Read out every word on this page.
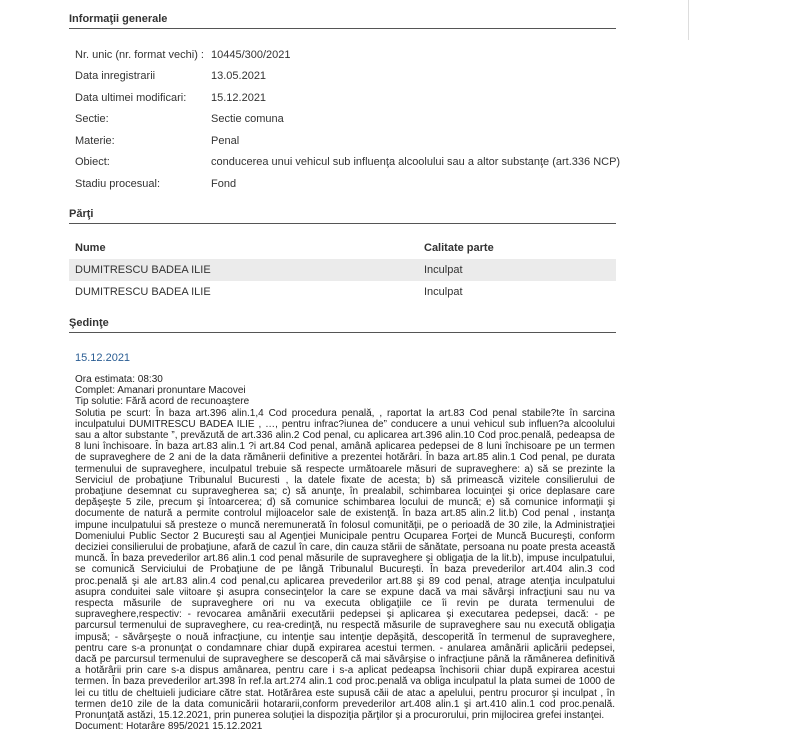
Informaţii generale
Nr. unic (nr. format vechi) : 10445/300/2021
Data inregistrarii	13.05.2021
Data ultimei modificari: 15.12.2021
Sectie:	Sectie comuna
Materie:	Penal
Obiect:	conducerea unui vehicul sub influenţa alcoolului sau a altor substanţe (art.336 NCP)
Stadiu procesual:	Fond
Părţi
Nume	Calitate parte
DUMITRESCU BADEA ILIE	Inculpat
DUMITRESCU BADEA ILIE	Inculpat
Şedinţe
15.12.2021
Ora estimata: 08:30
Complet: Amanari pronuntare Macovei
Tip solutie: Fără acord de recunoaştere
Solutia pe scurt: În baza art.396 alin.1,4 Cod procedura penală, , raportat la art.83 Cod penal stabile?te în sarcina inculpatului DUMITRESCU BADEA ILIE , …, pentru infrac?iunea de” conducere a unui vehicul sub influen?a alcoolului sau a altor substante ”, prevăzută de art.336 alin.2 Cod penal, cu aplicarea art.396 alin.10 Cod proc.penală, pedeapsa de 8 luni închisoare. În baza art.83 alin.1 ?i art.84 Cod penal, amână aplicarea pedepsei de 8 luni închisoare pe un termen de supraveghere de 2 ani de la data rămânerii definitive a prezentei hotărâri. În baza art.85 alin.1 Cod penal, pe durata termenului de supraveghere, inculpatul trebuie să respecte următoarele măsuri de supraveghere: a) să se prezinte la Serviciul de probaţiune Tribunalul Bucuresti , la datele fixate de acesta; b) să primească vizitele consilierului de probaţiune desemnat cu supravegherea sa; c) să anunţe, în prealabil, schimbarea locuinţei şi orice deplasare care depăşeşte 5 zile, precum şi întoarcerea; d) să comunice schimbarea locului de muncă; e) să comunice informaţii şi documente de natură a permite controlul mijloacelor sale de existenţă. În baza art.85 alin.2 lit.b) Cod penal , instanţa impune inculpatului să presteze o muncă neremunerată în folosul comunităţii, pe o perioadă de 30 zile, la Administraţiei Domeniului Public Sector 2 Bucureşti sau al Agenţiei Municipale pentru Ocuparea Forţei de Muncă Bucureşti, conform deciziei consilierului de probaţiune, afară de cazul în care, din cauza stării de sănătate, persoana nu poate presta această muncă. În baza prevederilor art.86 alin.1 cod penal măsurile de supraveghere şi obligaţia de la lit.b), impuse inculpatului, se comunică Serviciului de Probaţiune de pe lângă Tribunalul Bucureşti. În baza prevederilor art.404 alin.3 cod proc.penală şi ale art.83 alin.4 cod penal,cu aplicarea prevederilor art.88 şi 89 cod penal, atrage atenţia inculpatului asupra conduitei sale viitoare şi asupra consecinţelor la care se expune dacă va mai săvârşi infracţiuni sau nu va respecta măsurile de supraveghere ori nu va executa obligaţiile ce îi revin pe durata termenului de supraveghere,respectiv: - revocarea amânării executării pedepsei şi aplicarea şi executarea pedepsei, dacă: - pe parcursul termenului de supraveghere, cu rea-credinţă, nu respectă măsurile de supraveghere sau nu execută obligaţia impusă; - săvârşeşte o nouă infracţiune, cu intenţie sau intenţie depăşită, descoperită în termenul de supraveghere, pentru care s-a pronunţat o condamnare chiar după expirarea acestui termen. - anularea amânării aplicării pedepsei, dacă pe parcursul termenului de supraveghere se descoperă că mai săvârşise o infracţiune până la rămânerea definitivă a hotărârii prin care s-a dispus amânarea, pentru care i s-a aplicat pedeapsa închisorii chiar după expirarea acestui termen. În baza prevederilor art.398 în ref.la art.274 alin.1 cod proc.penală va obliga inculpatul la plata sumei de 1000 de lei cu titlu de cheltuieli judiciare către stat. Hotărârea este supusă căii de atac a apelului, pentru procuror şi inculpat , în termen de10 zile de la data comunicării hotararii,conform prevederilor art.408 alin.1 şi art.410 alin.1 cod proc.penală. Pronunţată astăzi, 15.12.2021, prin punerea soluţiei la dispoziţia părţilor şi a procurorului, prin mijlocirea grefei instanţei.
Document: Hotarâre 895/2021 15.12.2021
